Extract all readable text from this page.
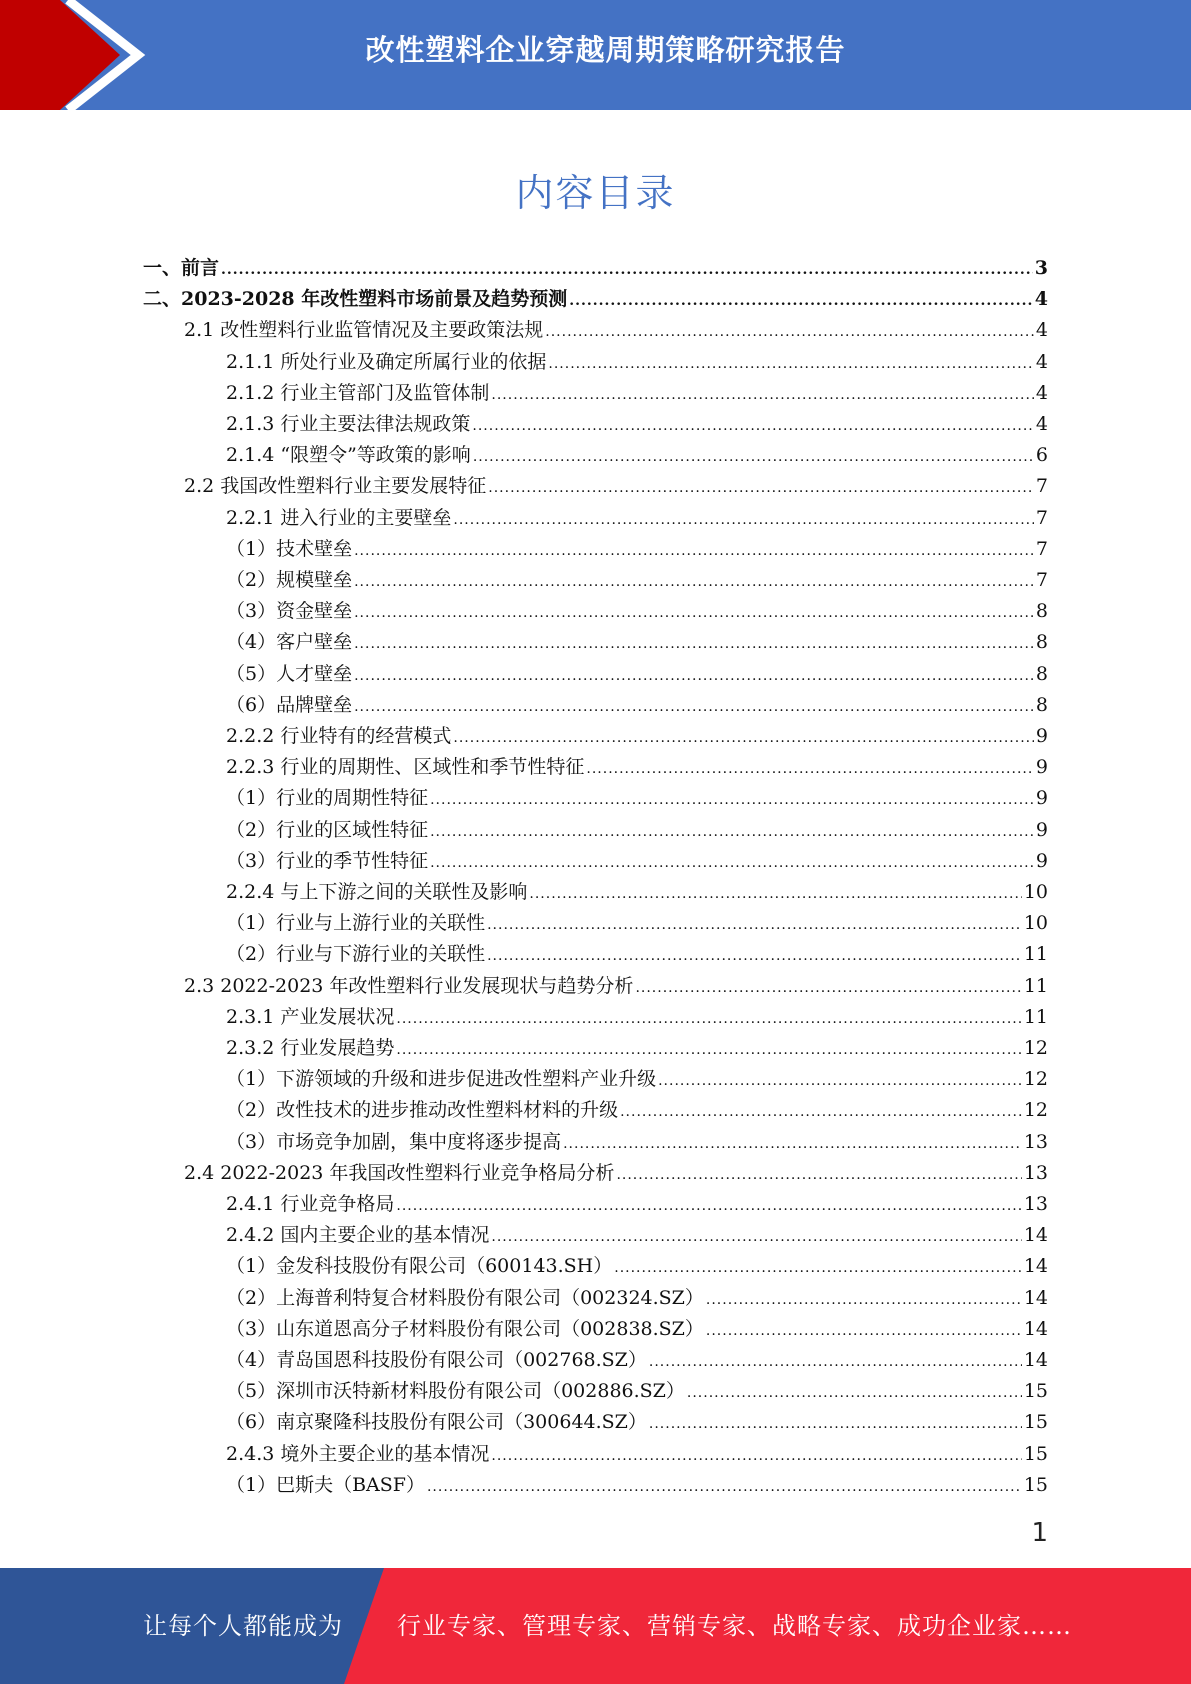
改性塑料企业穿越周期策略研究报告
内容目录
一、前言 .....	3
二、2023-2028 年改性塑料市场前景及趋势预测 .....	4
2.1 改性塑料行业监管情况及主要政策法规 .....	4
2.1.1 所处行业及确定所属行业的依据 .....	4
2.1.2 行业主管部门及监管体制 .....	4
2.1.3 行业主要法律法规政策 .....	4
2.1.4 “限塑令”等政策的影响 .....	6
2.2 我国改性塑料行业主要发展特征 .....	7
2.2.1 进入行业的主要壁垒 .....	7
（1）技术壁垒 .....	7
（2）规模壁垒 .....	7
（3）资金壁垒 .....	8
（4）客户壁垒 .....	8
（5）人才壁垒 .....	8
（6）品牌壁垒 .....	8
2.2.2 行业特有的经营模式 .....	9
2.2.3 行业的周期性、区域性和季节性特征 .....	9
（1）行业的周期性特征 .....	9
（2）行业的区域性特征 .....	9
（3）行业的季节性特征 .....	9
2.2.4 与上下游之间的关联性及影响 .....	10
（1）行业与上游行业的关联性 .....	10
（2）行业与下游行业的关联性 .....	11
2.3 2022-2023 年改性塑料行业发展现状与趋势分析 .....	11
2.3.1 产业发展状况 .....	11
2.3.2 行业发展趋势 .....	12
（1）下游领域的升级和进步促进改性塑料产业升级 .....	12
（2）改性技术的进步推动改性塑料材料的升级 .....	12
（3）市场竞争加剧，集中度将逐步提高 .....	13
2.4 2022-2023 年我国改性塑料行业竞争格局分析 .....	13
2.4.1 行业竞争格局 .....	13
2.4.2 国内主要企业的基本情况 .....	14
（1）金发科技股份有限公司（600143.SH） .....	14
（2）上海普利特复合材料股份有限公司（002324.SZ） .....	14
（3）山东道恩高分子材料股份有限公司（002838.SZ） .....	14
（4）青岛国恩科技股份有限公司（002768.SZ） .....	14
（5）深圳市沃特新材料股份有限公司（002886.SZ） .....	15
（6）南京聚隆科技股份有限公司（300644.SZ） .....	15
2.4.3 境外主要企业的基本情况 .....	15
（1）巴斯夫（BASF） .....	15
1
让每个人都能成为 行业专家、管理专家、营销专家、战略专家、成功企业家……
